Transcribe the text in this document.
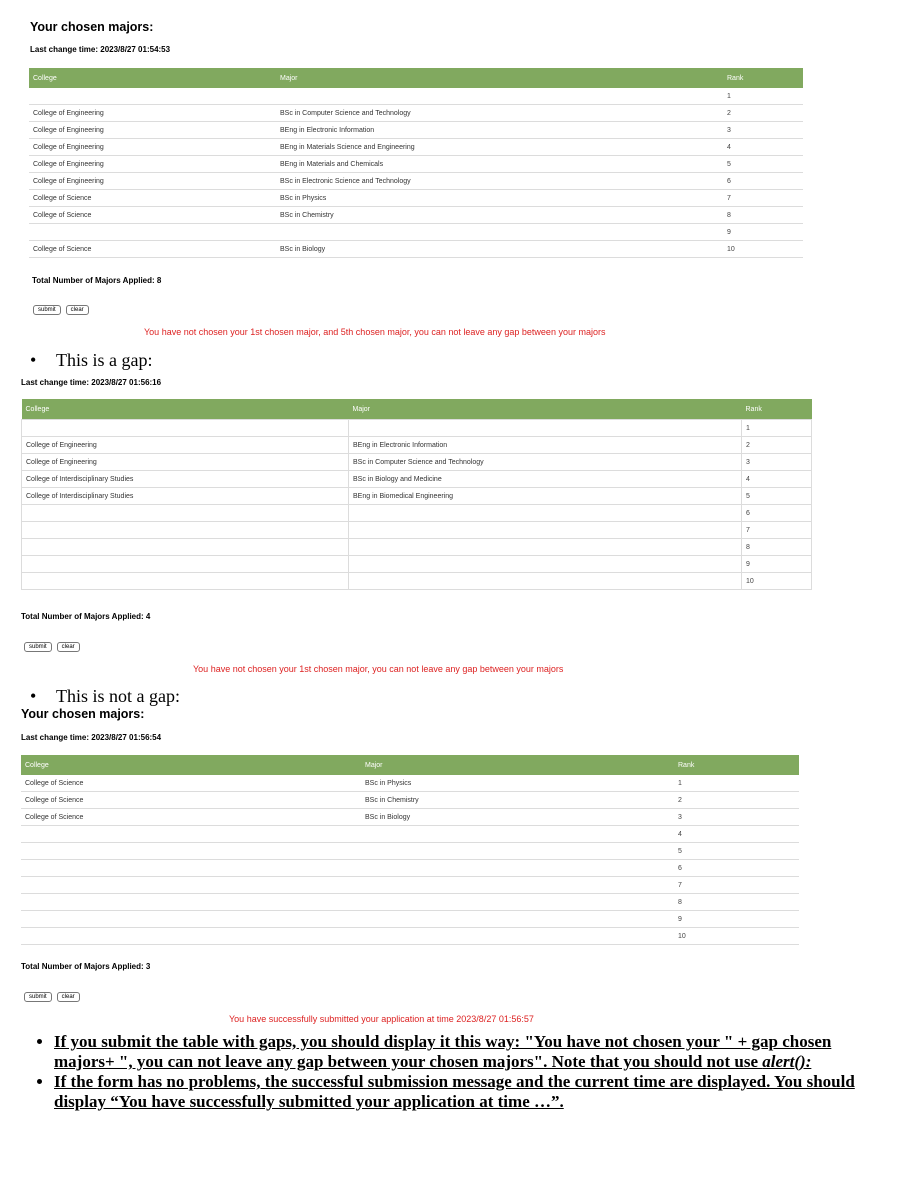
Your chosen majors:
Last change time: 2023/8/27 01:54:53
College	Major	Rank
		1
College of Engineering	BSc in Computer Science and Technology	2
College of Engineering	BEng in Electronic Information	3
College of Engineering	BEng in Materials Science and Engineering	4
College of Engineering	BEng in Materials and Chemicals	5
College of Engineering	BSc in Electronic Science and Technology	6
College of Science	BSc in Physics	7
College of Science	BSc in Chemistry	8
		9
College of Science	BSc in Biology	10
Total Number of Majors Applied: 8
submit	clear
You have not chosen your 1st chosen major, and 5th chosen major, you can not leave any gap between your majors
• This is a gap:
Last change time: 2023/8/27 01:56:16
College	Major	Rank
		1
College of Engineering	BEng in Electronic Information	2
College of Engineering	BSc in Computer Science and Technology	3
College of Interdisciplinary Studies	BSc in Biology and Medicine	4
College of Interdisciplinary Studies	BEng in Biomedical Engineering	5
		6
		7
		8
		9
		10
Total Number of Majors Applied: 4
submit	clear
You have not chosen your 1st chosen major, you can not leave any gap between your majors
• This is not a gap:
Your chosen majors:
Last change time: 2023/8/27 01:56:54
College	Major	Rank
College of Science	BSc in Physics	1
College of Science	BSc in Chemistry	2
College of Science	BSc in Biology	3
		4
		5
		6
		7
		8
		9
		10
Total Number of Majors Applied: 3
submit	clear
You have successfully submitted your application at time 2023/8/27 01:56:57
• If you submit the table with gaps, you should display it this way: "You have not chosen your " + gap chosen majors+ ", you can not leave any gap between your chosen majors". Note that you should not use alert():
• If the form has no problems, the successful submission message and the current time are displayed. You should display “You have successfully submitted your application at time …”.
